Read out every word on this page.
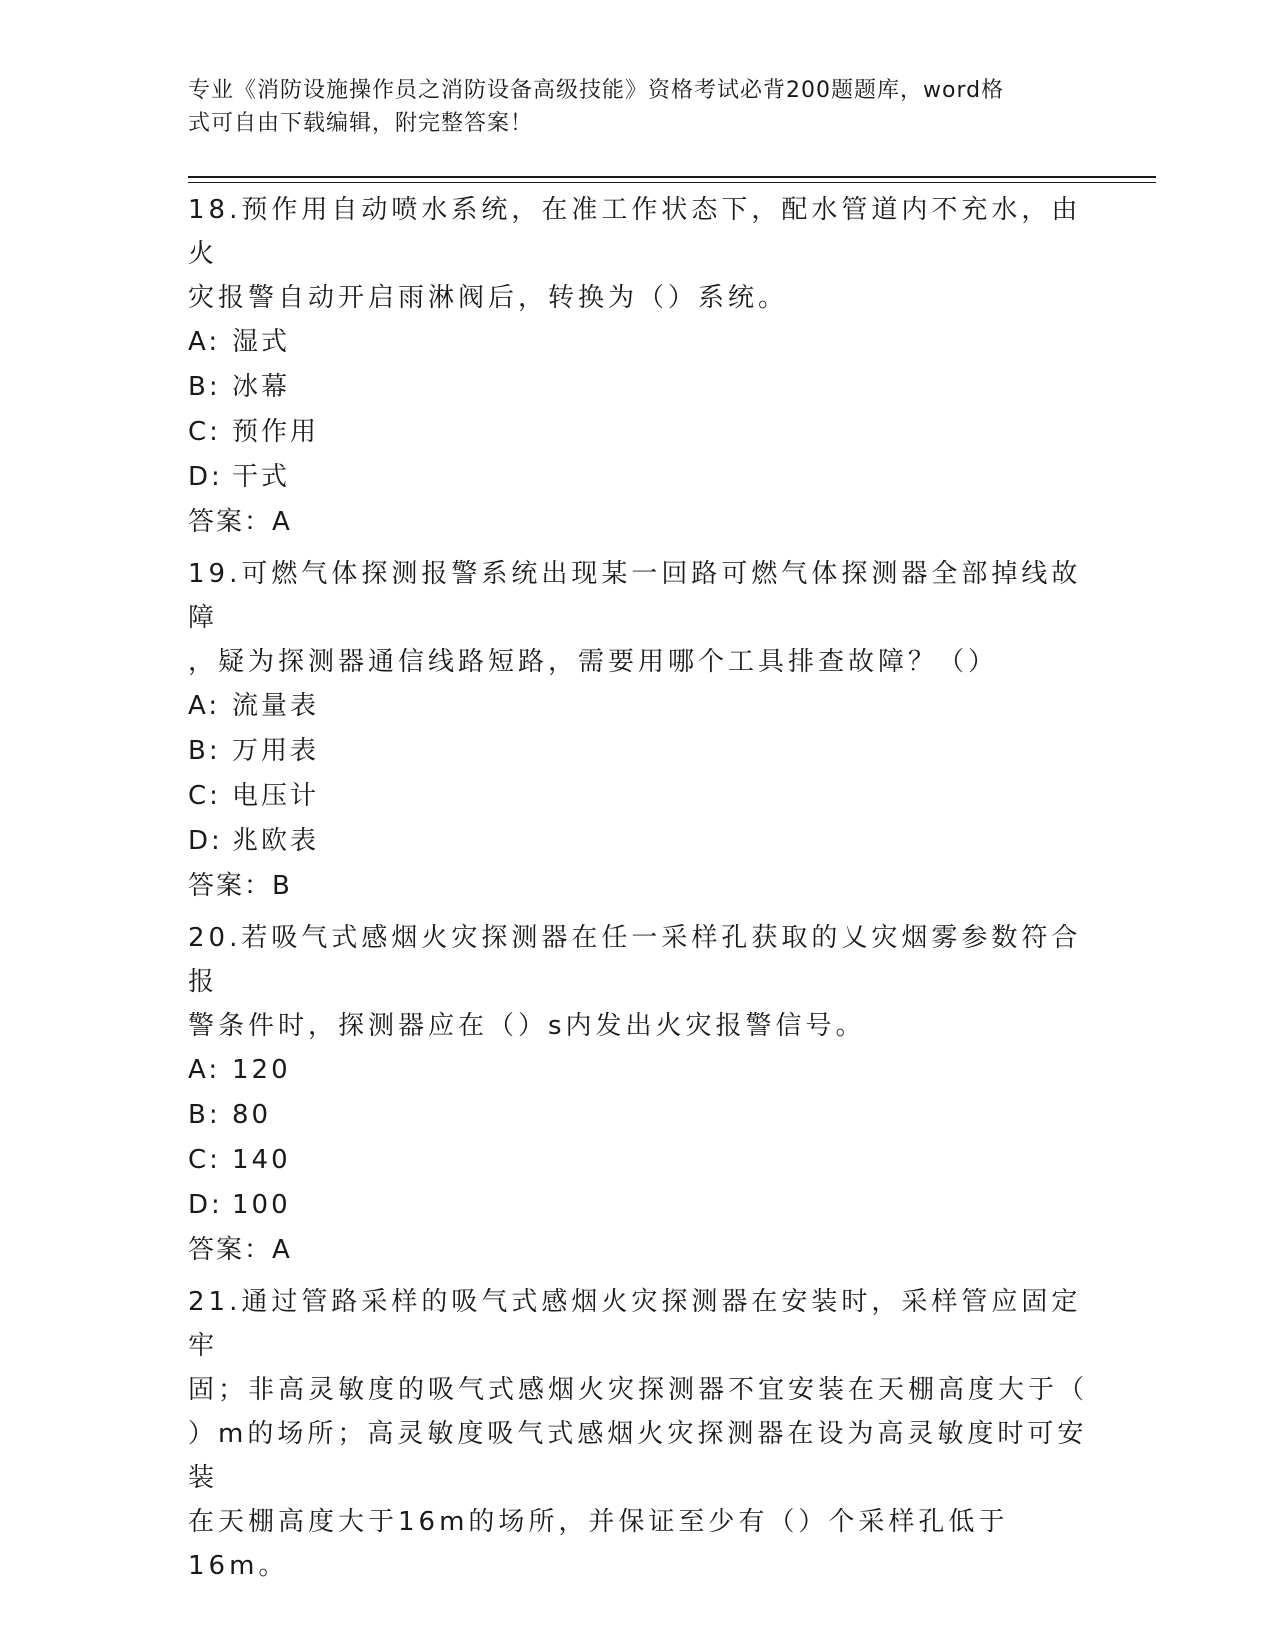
专业《消防设施操作员之消防设备高级技能》资格考试必背200题题库，word格
式可自由下载编辑，附完整答案！

18.预作用自动喷水系统，在准工作状态下，配水管道内不充水，由火

灾报警自动开启雨淋阀后，转换为（）系统。

A: 湿式

B: 冰幕

C: 预作用

D: 干式

答案：A

19.可燃气体探测报警系统出现某一回路可燃气体探测器全部掉线故障

，疑为探测器通信线路短路，需要用哪个工具排查故障？（）

A: 流量表

B: 万用表

C: 电压计

D: 兆欧表

答案：B

20.若吸气式感烟火灾探测器在任一采样孔获取的乂灾烟雾参数符合报

警条件时，探测器应在（）s内发出火灾报警信号。

A: 120

B: 80

C: 140

D: 100

答案：A

21.通过管路采样的吸气式感烟火灾探测器在安装时，采样管应固定牢

固；非高灵敏度的吸气式感烟火灾探测器不宜安装在天棚高度大于（

）m的场所；高灵敏度吸气式感烟火灾探测器在设为高灵敏度时可安装

在天棚高度大于16m的场所，并保证至少有（）个采样孔低于16m。
